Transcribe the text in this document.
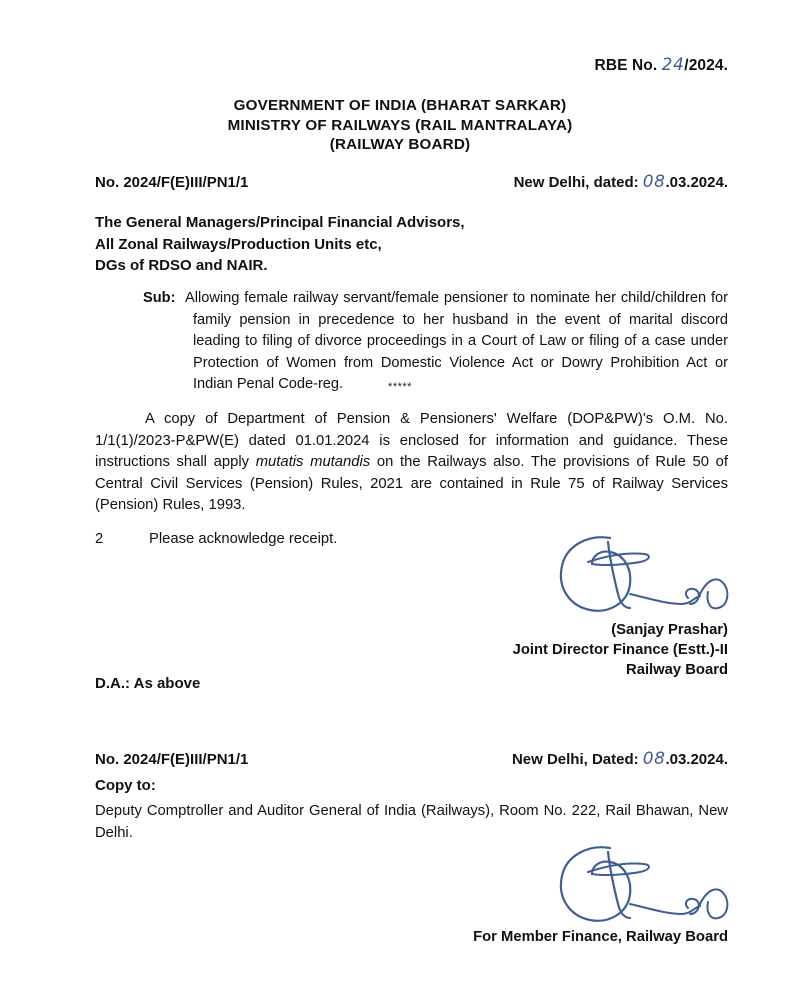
RBE No. 24/2024.
GOVERNMENT OF INDIA (BHARAT SARKAR)
MINISTRY OF RAILWAYS (RAIL MANTRALAYA)
(RAILWAY BOARD)
No. 2024/F(E)III/PN1/1	New Delhi, dated: 08.03.2024.
The General Managers/Principal Financial Advisors,
All Zonal Railways/Production Units etc,
DGs of RDSO and NAIR.
Sub: Allowing female railway servant/female pensioner to nominate her child/children for family pension in precedence to her husband in the event of marital discord leading to filing of divorce proceedings in a Court of Law or filing of a case under Protection of Women from Domestic Violence Act or Dowry Prohibition Act or Indian Penal Code-reg.	*****
A copy of Department of Pension & Pensioners' Welfare (DOP&PW)'s O.M. No. 1/1(1)/2023-P&PW(E) dated 01.01.2024 is enclosed for information and guidance. These instructions shall apply mutatis mutandis on the Railways also. The provisions of Rule 50 of Central Civil Services (Pension) Rules, 2021 are contained in Rule 75 of Railway Services (Pension) Rules, 1993.
2	Please acknowledge receipt.
(Sanjay Prashar)
Joint Director Finance (Estt.)-II
Railway Board
D.A.: As above
No. 2024/F(E)III/PN1/1	New Delhi, Dated: 08.03.2024.
Copy to:
Deputy Comptroller and Auditor General of India (Railways), Room No. 222, Rail Bhawan, New Delhi.
For Member Finance, Railway Board
